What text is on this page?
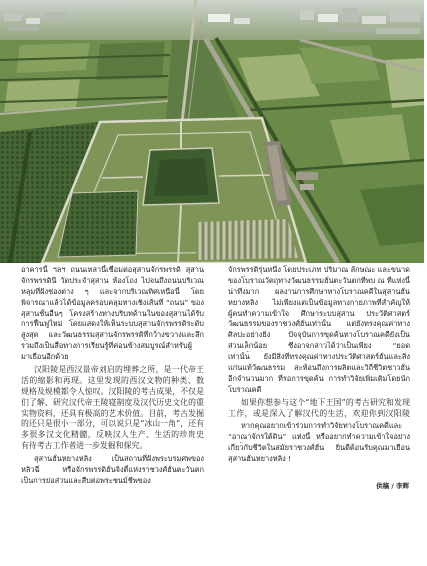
อาคารนี้ ฯลฯ ถนนเหล่านี้เชื่อมต่อสุสานจักรพรรดิ สุสาน
จักรพรรดินี วัดประจำสุสาน ห้องโถง ไปจนถึงถนนบริเวณ
หลุมที่ฝังช่องต่าง ๆ และจากบริเวณทิศเหนือนี้ โดย
พิจารณาแล้วได้ข้อมูลครอบคลุมทางเชิงเส้นที่ “ถนน” ของ
สุสานชั้นอื่นๆ โครงสร้างทางบริบทด้านในของสุสานได้รับ
การฟื้นฟูใหม่ โดยแสดงให้เห็นระบบสุสานจักรพรรดิระดับ
สูงสุด และวัฒนธรรมสุสานจักรพรรดิที่กว้างขวางและลึก
รวมถึงเป็นสื่อทางการเรียนรู้ที่ค่อนข้างสมบูรณ์สำหรับผู้
มาเยือนอีกด้วย
汉阳陵是西汉景帝刘启的埋葬之所，是一代帝王
活的缩影和再现。这里发现的西汉文物的种类、数
规格及规模都令人惊叹。汉阳陵的考古成果，不仅是
们了解、研究汉代帝王陵寝制度及汉代历史文化的重
实物资料，还具有极高的艺术价值。目前，考古发掘
的还只是很小一部分，可以说只是“冰山一角”，还有
多很多汉文化精髓，反映汉人生产、生活的珍贵史
有待考古工作者进一步发掘和探究。
สุสานฮั่นหยางหลิง เป็นสถานที่ฝังพระบรมศพของ
หลิวฉี่ หรือจักรพรรดิฮั่นจิ่งตี้แห่งราชวงศ์ฮั่นตะวันตก
เป็นการย่อส่วนและสืบต่อพระชนม์ชีพของ
จักรพรรดิรุ่นหนึ่ง โดยประเภท ปริมาณ ลักษณะ และขนาด
ของโบราณวัตถุทางวัฒนธรรมฮั่นตะวันตกที่พบ ณ ที่แห่งนี้
น่าทึ่งมาก ผลงานการศึกษาทางโบราณคดีในสุสานฮั่น
หยางหลิง ไม่เพียงแต่เป็นข้อมูลทางกายภาพที่สำคัญให้
ผู้คนทำความเข้าใจ ศึกษาระบบสุสาน ประวัติศาสตร์
วัฒนธรรมของราชวงศ์ฮั่นเท่านั้น แต่ยังทรงคุณค่าทาง
ศิลปะอย่างยิ่ง ปัจจุบันการขุดค้นทางโบราณคดียังเป็น
ส่วนเล็กน้อย ซึ่งอาจกล่าวได้ว่าเป็นเพียง “ยอด
เท่านั้น ยังมีสิ่งที่ทรงคุณค่าทางประวัติศาสตร์ฮั่นและสิ่ง
แก่นแท้วัฒนธรรม สะท้อนถึงการผลิตและวิถีชีวิตชาวฮั่น
อีกจำนวนมาก ที่รอการขุดค้น การทำวิจัยเพิ่มเติมโดยนัก
โบราณคดี
如果你想参与这个“地下王国”的考古研究和发现
工作，或是深入了解汉代的生活，欢迎你到汉阳陵
หากคุณอยากเข้าร่วมการทำวิจัยทางโบราณคดีและ
“อาณาจักรใต้ดิน” แห่งนี้ หรืออยากทำความเข้าใจอย่าง
เกี่ยวกับชีวิตในสมัยราชวงศ์ฮั่น ยินดีต้อนรับคุณมาเยือน
สุสานฮั่นหยางหลิง !
供稿 / 李辉
